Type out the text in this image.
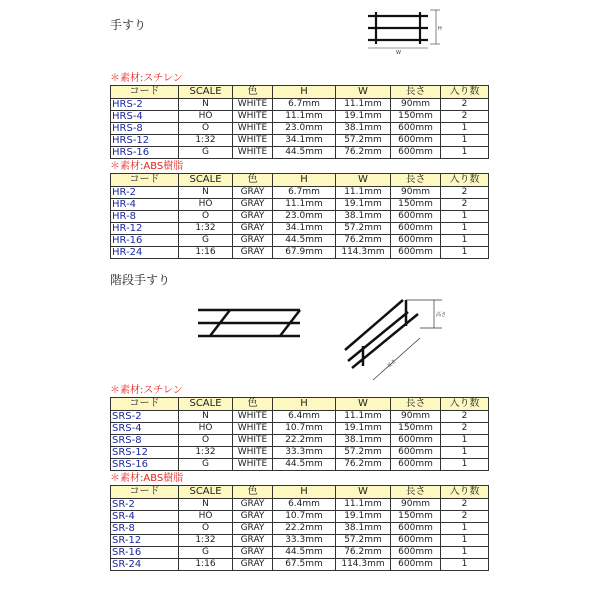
H
W
手すり
＊素材:スチレン
コード	SCALE	色	H	W	長さ	入り数
HRS-2	N	WHITE	6.7mm	11.1mm	90mm	2
HRS-4	HO	WHITE	11.1mm	19.1mm	150mm	2
HRS-8	O	WHITE	23.0mm	38.1mm	600mm	1
HRS-12	1:32	WHITE	34.1mm	57.2mm	600mm	1
HRS-16	G	WHITE	44.5mm	76.2mm	600mm	1
＊素材:ABS樹脂
コード	SCALE	色	H	W	長さ	入り数
HR-2	N	GRAY	6.7mm	11.1mm	90mm	2
HR-4	HO	GRAY	11.1mm	19.1mm	150mm	2
HR-8	O	GRAY	23.0mm	38.1mm	600mm	1
HR-12	1:32	GRAY	34.1mm	57.2mm	600mm	1
HR-16	G	GRAY	44.5mm	76.2mm	600mm	1
HR-24	1:16	GRAY	67.9mm	114.3mm	600mm	1
階段手すり
高さ
長さ
＊素材:スチレン
コード	SCALE	色	H	W	長さ	入り数
SRS-2	N	WHITE	6.4mm	11.1mm	90mm	2
SRS-4	HO	WHITE	10.7mm	19.1mm	150mm	2
SRS-8	O	WHITE	22.2mm	38.1mm	600mm	1
SRS-12	1:32	WHITE	33.3mm	57.2mm	600mm	1
SRS-16	G	WHITE	44.5mm	76.2mm	600mm	1
＊素材:ABS樹脂
コード	SCALE	色	H	W	長さ	入り数
SR-2	N	GRAY	6.4mm	11.1mm	90mm	2
SR-4	HO	GRAY	10.7mm	19.1mm	150mm	2
SR-8	O	GRAY	22.2mm	38.1mm	600mm	1
SR-12	1:32	GRAY	33.3mm	57.2mm	600mm	1
SR-16	G	GRAY	44.5mm	76.2mm	600mm	1
SR-24	1:16	GRAY	67.5mm	114.3mm	600mm	1
